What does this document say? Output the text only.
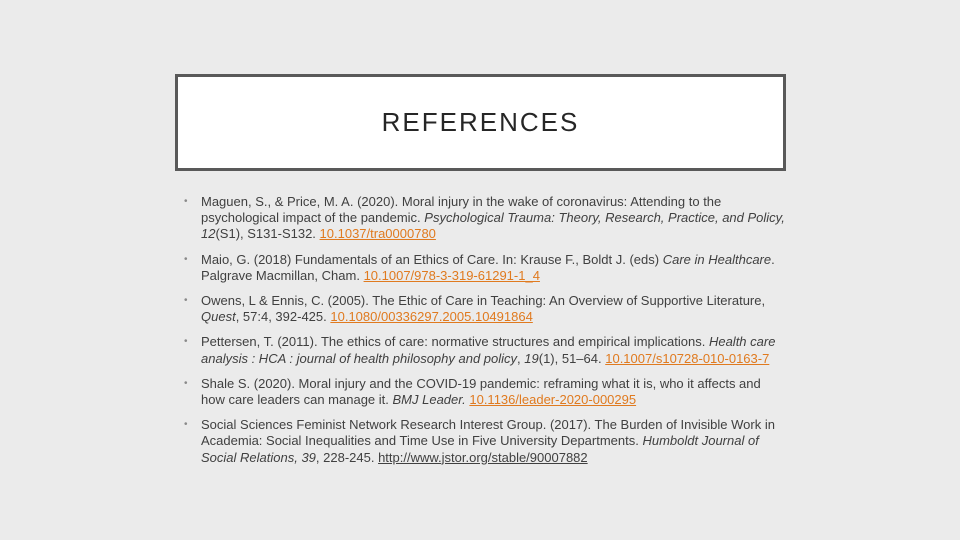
REFERENCES
• Maguen, S., & Price, M. A. (2020). Moral injury in the wake of coronavirus: Attending to the psychological impact of the pandemic. Psychological Trauma: Theory, Research, Practice, and Policy, 12(S1), S131-S132. 10.1037/tra0000780
• Maio, G. (2018) Fundamentals of an Ethics of Care. In: Krause F., Boldt J. (eds) Care in Healthcare. Palgrave Macmillan, Cham. 10.1007/978-3-319-61291-1_4
• Owens, L & Ennis, C. (2005). The Ethic of Care in Teaching: An Overview of Supportive Literature, Quest, 57:4, 392-425. 10.1080/00336297.2005.10491864
• Pettersen, T. (2011). The ethics of care: normative structures and empirical implications. Health care analysis : HCA : journal of health philosophy and policy, 19(1), 51–64. 10.1007/s10728-010-0163-7
• Shale S. (2020). Moral injury and the COVID-19 pandemic: reframing what it is, who it affects and how care leaders can manage it. BMJ Leader. 10.1136/leader-2020-000295
• Social Sciences Feminist Network Research Interest Group. (2017). The Burden of Invisible Work in Academia: Social Inequalities and Time Use in Five University Departments. Humboldt Journal of Social Relations, 39, 228-245. http://www.jstor.org/stable/90007882
